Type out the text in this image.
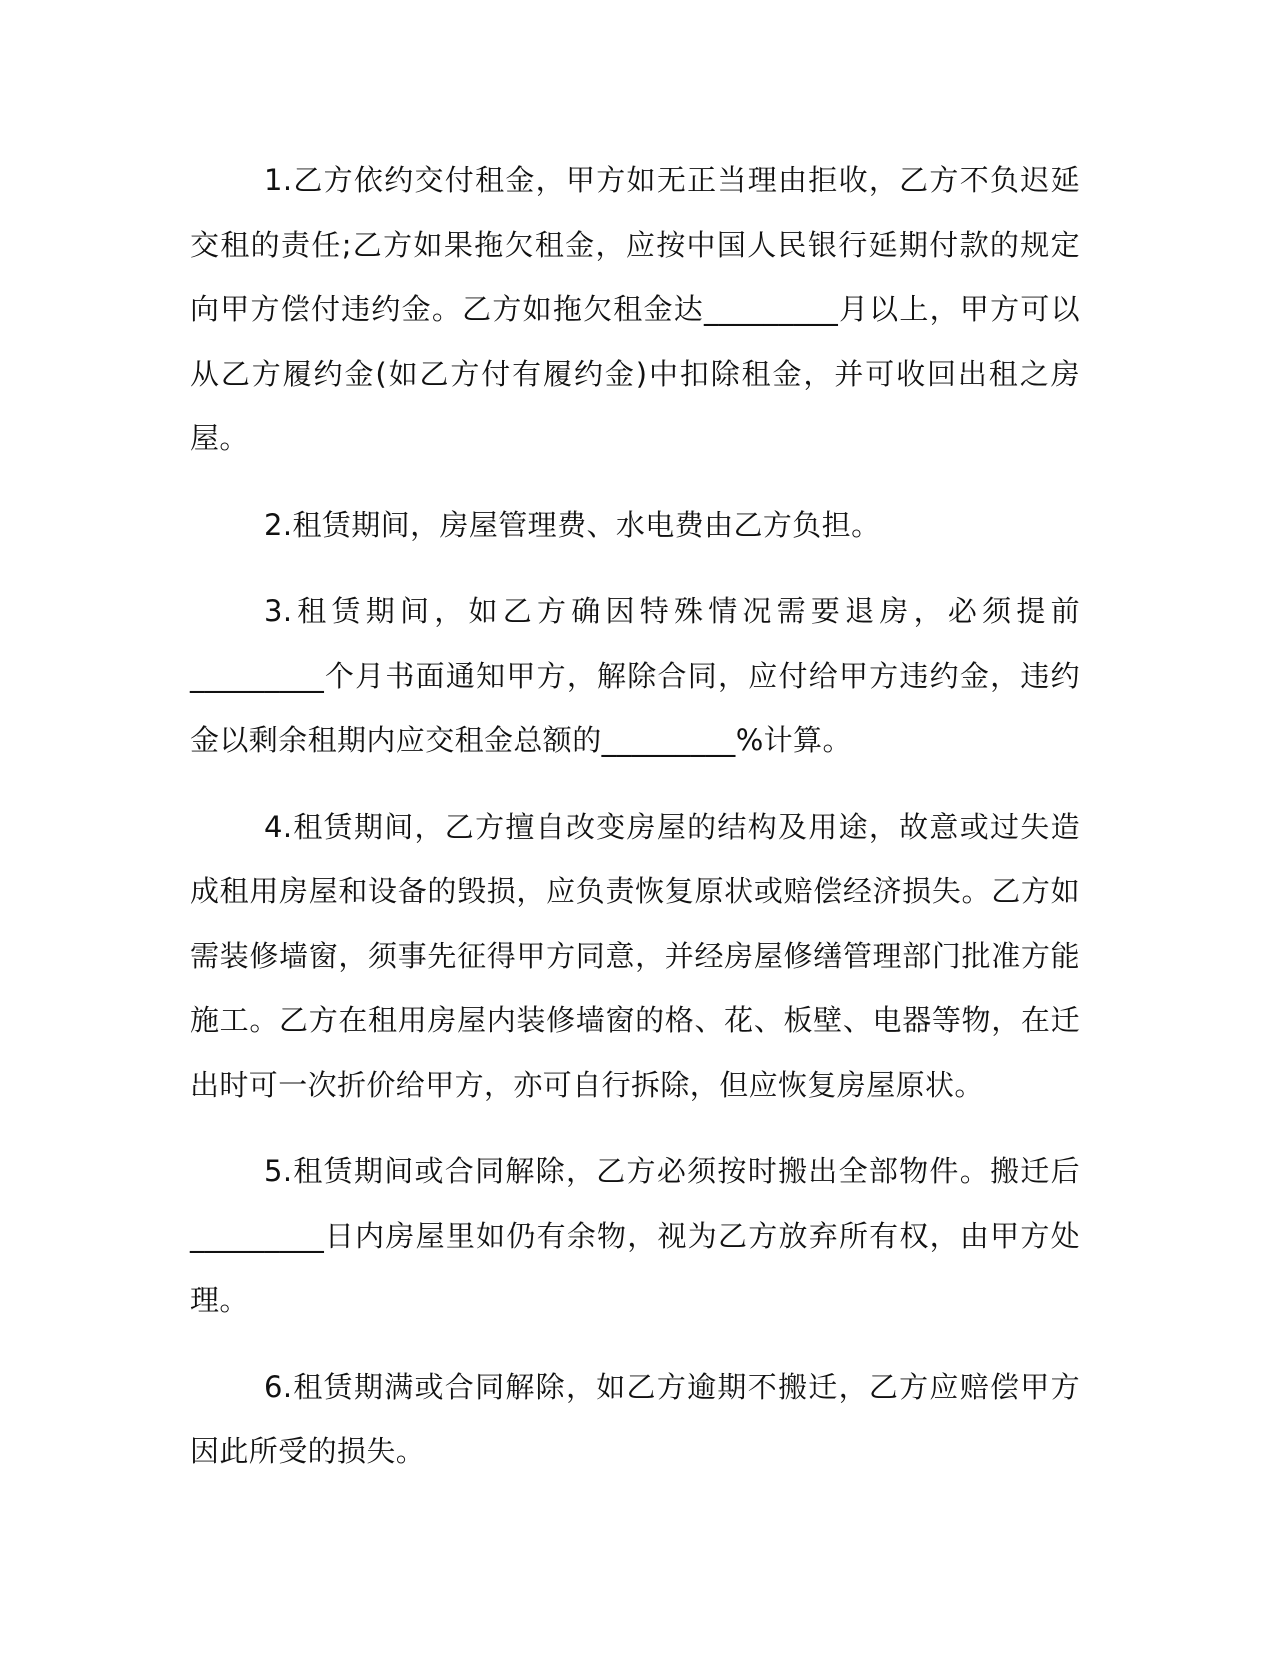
1.乙方依约交付租金，甲方如无正当理由拒收，乙方不负迟延交租的责任;乙方如果拖欠租金，应按中国人民银行延期付款的规定向甲方偿付违约金。乙方如拖欠租金达_________月以上，甲方可以从乙方履约金(如乙方付有履约金)中扣除租金，并可收回出租之房屋。

2.租赁期间，房屋管理费、水电费由乙方负担。

3.租赁期间，如乙方确因特殊情况需要退房，必须提前_________个月书面通知甲方，解除合同，应付给甲方违约金，违约金以剩余租期内应交租金总额的_________%计算。

4.租赁期间，乙方擅自改变房屋的结构及用途，故意或过失造成租用房屋和设备的毁损，应负责恢复原状或赔偿经济损失。乙方如需装修墙窗，须事先征得甲方同意，并经房屋修缮管理部门批准方能施工。乙方在租用房屋内装修墙窗的格、花、板壁、电器等物，在迁出时可一次折价给甲方，亦可自行拆除，但应恢复房屋原状。

5.租赁期间或合同解除，乙方必须按时搬出全部物件。搬迁后_________日内房屋里如仍有余物，视为乙方放弃所有权，由甲方处理。

6.租赁期满或合同解除，如乙方逾期不搬迁，乙方应赔偿甲方因此所受的损失。
